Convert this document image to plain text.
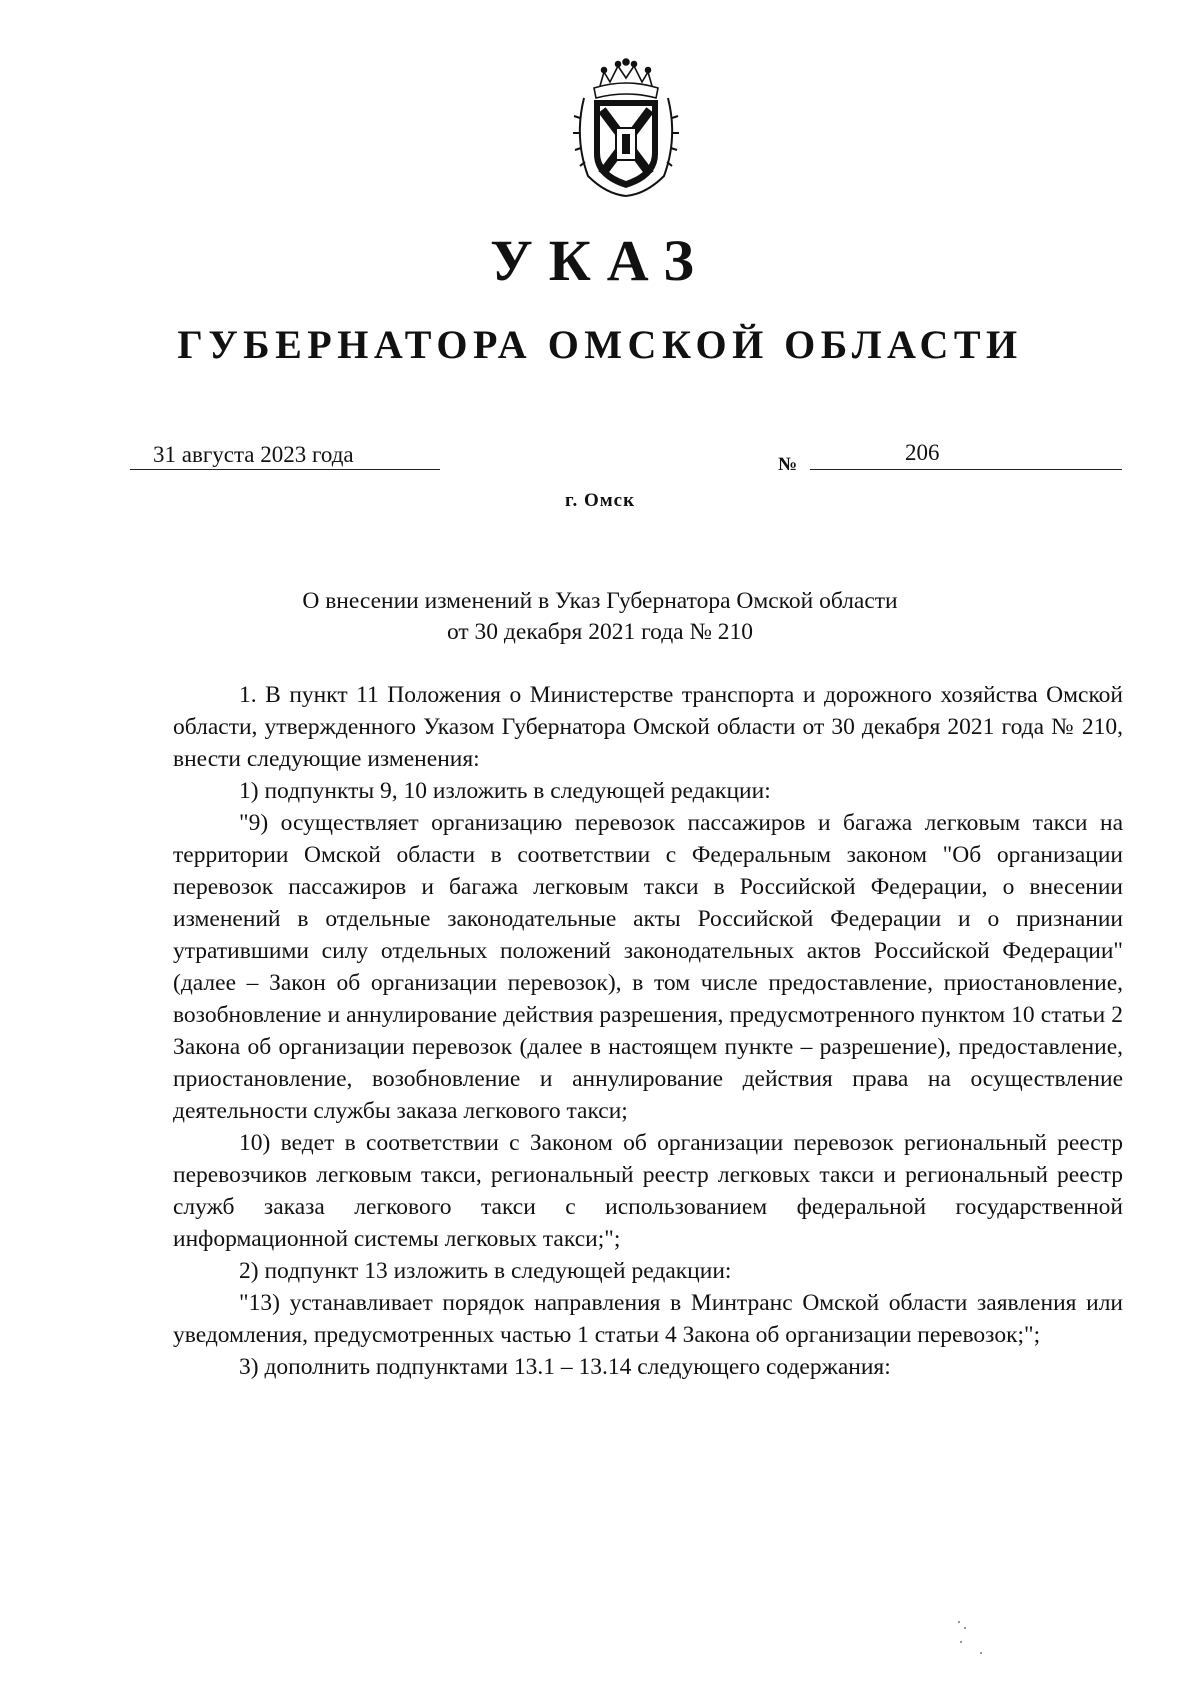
УКАЗ
ГУБЕРНАТОРА ОМСКОЙ ОБЛАСТИ
31 августа 2023 года	№	206
г. Омск
О внесении изменений в Указ Губернатора Омской области
от 30 декабря 2021 года № 210

1. В пункт 11 Положения о Министерстве транспорта и дорожного хозяйства Омской области, утвержденного Указом Губернатора Омской области от 30 декабря 2021 года № 210, внести следующие изменения:

1) подпункты 9, 10 изложить в следующей редакции:

"9) осуществляет организацию перевозок пассажиров и багажа легковым такси на территории Омской области в соответствии с Федеральным законом "Об организации перевозок пассажиров и багажа легковым такси в Российской Федерации, о внесении изменений в отдельные законодательные акты Российской Федерации и о признании утратившими силу отдельных положений законодательных актов Российской Федерации" (далее – Закон об организации перевозок), в том числе предоставление, приостановление, возобновление и аннулирование действия разрешения, предусмотренного пунктом 10 статьи 2 Закона об организации перевозок (далее в настоящем пункте – разрешение), предоставление, приостановление, возобновление и аннулирование действия права на осуществление деятельности службы заказа легкового такси;

10) ведет в соответствии с Законом об организации перевозок региональный реестр перевозчиков легковым такси, региональный реестр легковых такси и региональный реестр служб заказа легкового такси с использованием федеральной государственной информационной системы легковых такси;";

2) подпункт 13 изложить в следующей редакции:

"13) устанавливает порядок направления в Минтранс Омской области заявления или уведомления, предусмотренных частью 1 статьи 4 Закона об организации перевозок;";

3) дополнить подпунктами 13.1 – 13.14 следующего содержания:
